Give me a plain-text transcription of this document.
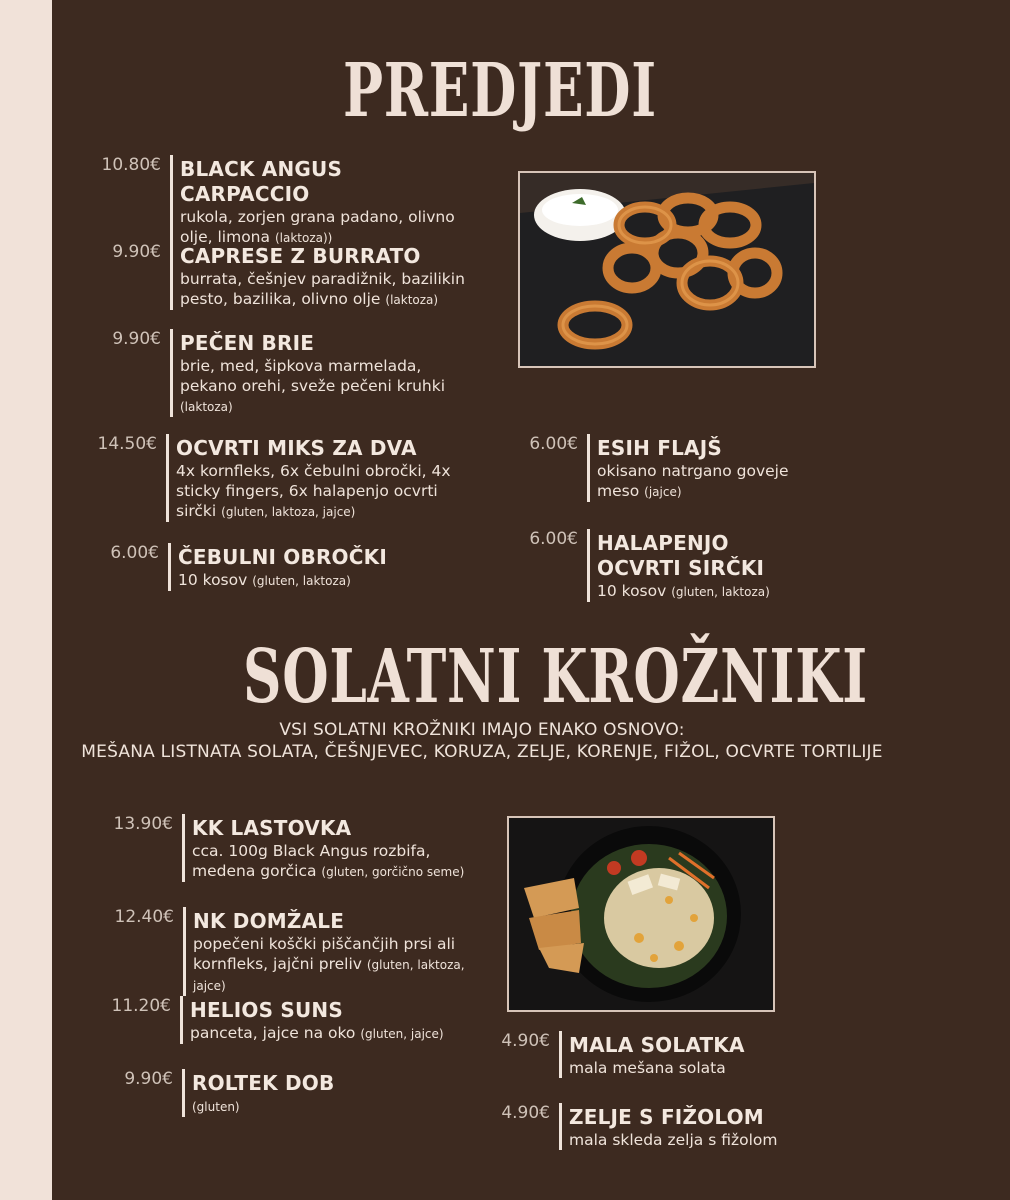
PREDJEDI
10.80€ BLACK ANGUS CARPACCIO
rukola, zorjen grana padano, olivno olje, limona (laktoza))
9.90€ CAPRESE Z BURRATO
burrata, češnjev paradižnik, bazilikin pesto, bazilika, olivno olje (laktoza)
9.90€ PEČEN BRIE
brie, med, šipkova marmelada, pekano orehi, sveže pečeni kruhki (laktoza)
14.50€ OCVRTI MIKS ZA DVA
4x kornfleks, 6x čebulni obročki, 4x sticky fingers, 6x halapenjo ocvrti sirčki (gluten, laktoza, jajce)
6.00€ ČEBULNI OBROČKI
10 kosov (gluten, laktoza)
6.00€ ESIH FLAJŠ
okisano natrgano goveje meso (jajce)
6.00€ HALAPENJO OCVRTI SIRČKI
10 kosov (gluten, laktoza)
SOLATNI KROŽNIKI
VSI SOLATNI KROŽNIKI IMAJO ENAKO OSNOVO:
MEŠANA LISTNATA SOLATA, ČEŠNJEVEC, KORUZA, ZELJE, KORENJE, FIŽOL, OCVRTE TORTILIJE
13.90€ KK LASTOVKA
cca. 100g Black Angus rozbifa, medena gorčica (gluten, gorčično seme)
12.40€ NK DOMŽALE
popečeni koščki piščančjih prsi ali kornfleks, jajčni preliv (gluten, laktoza, jajce)
11.20€ HELIOS SUNS
panceta, jajce na oko (gluten, jajce)
9.90€ ROLTEK DOB
(gluten)
4.90€ MALA SOLATKA
mala mešana solata
4.90€ ZELJE S FIŽOLOM
mala skleda zelja s fižolom
